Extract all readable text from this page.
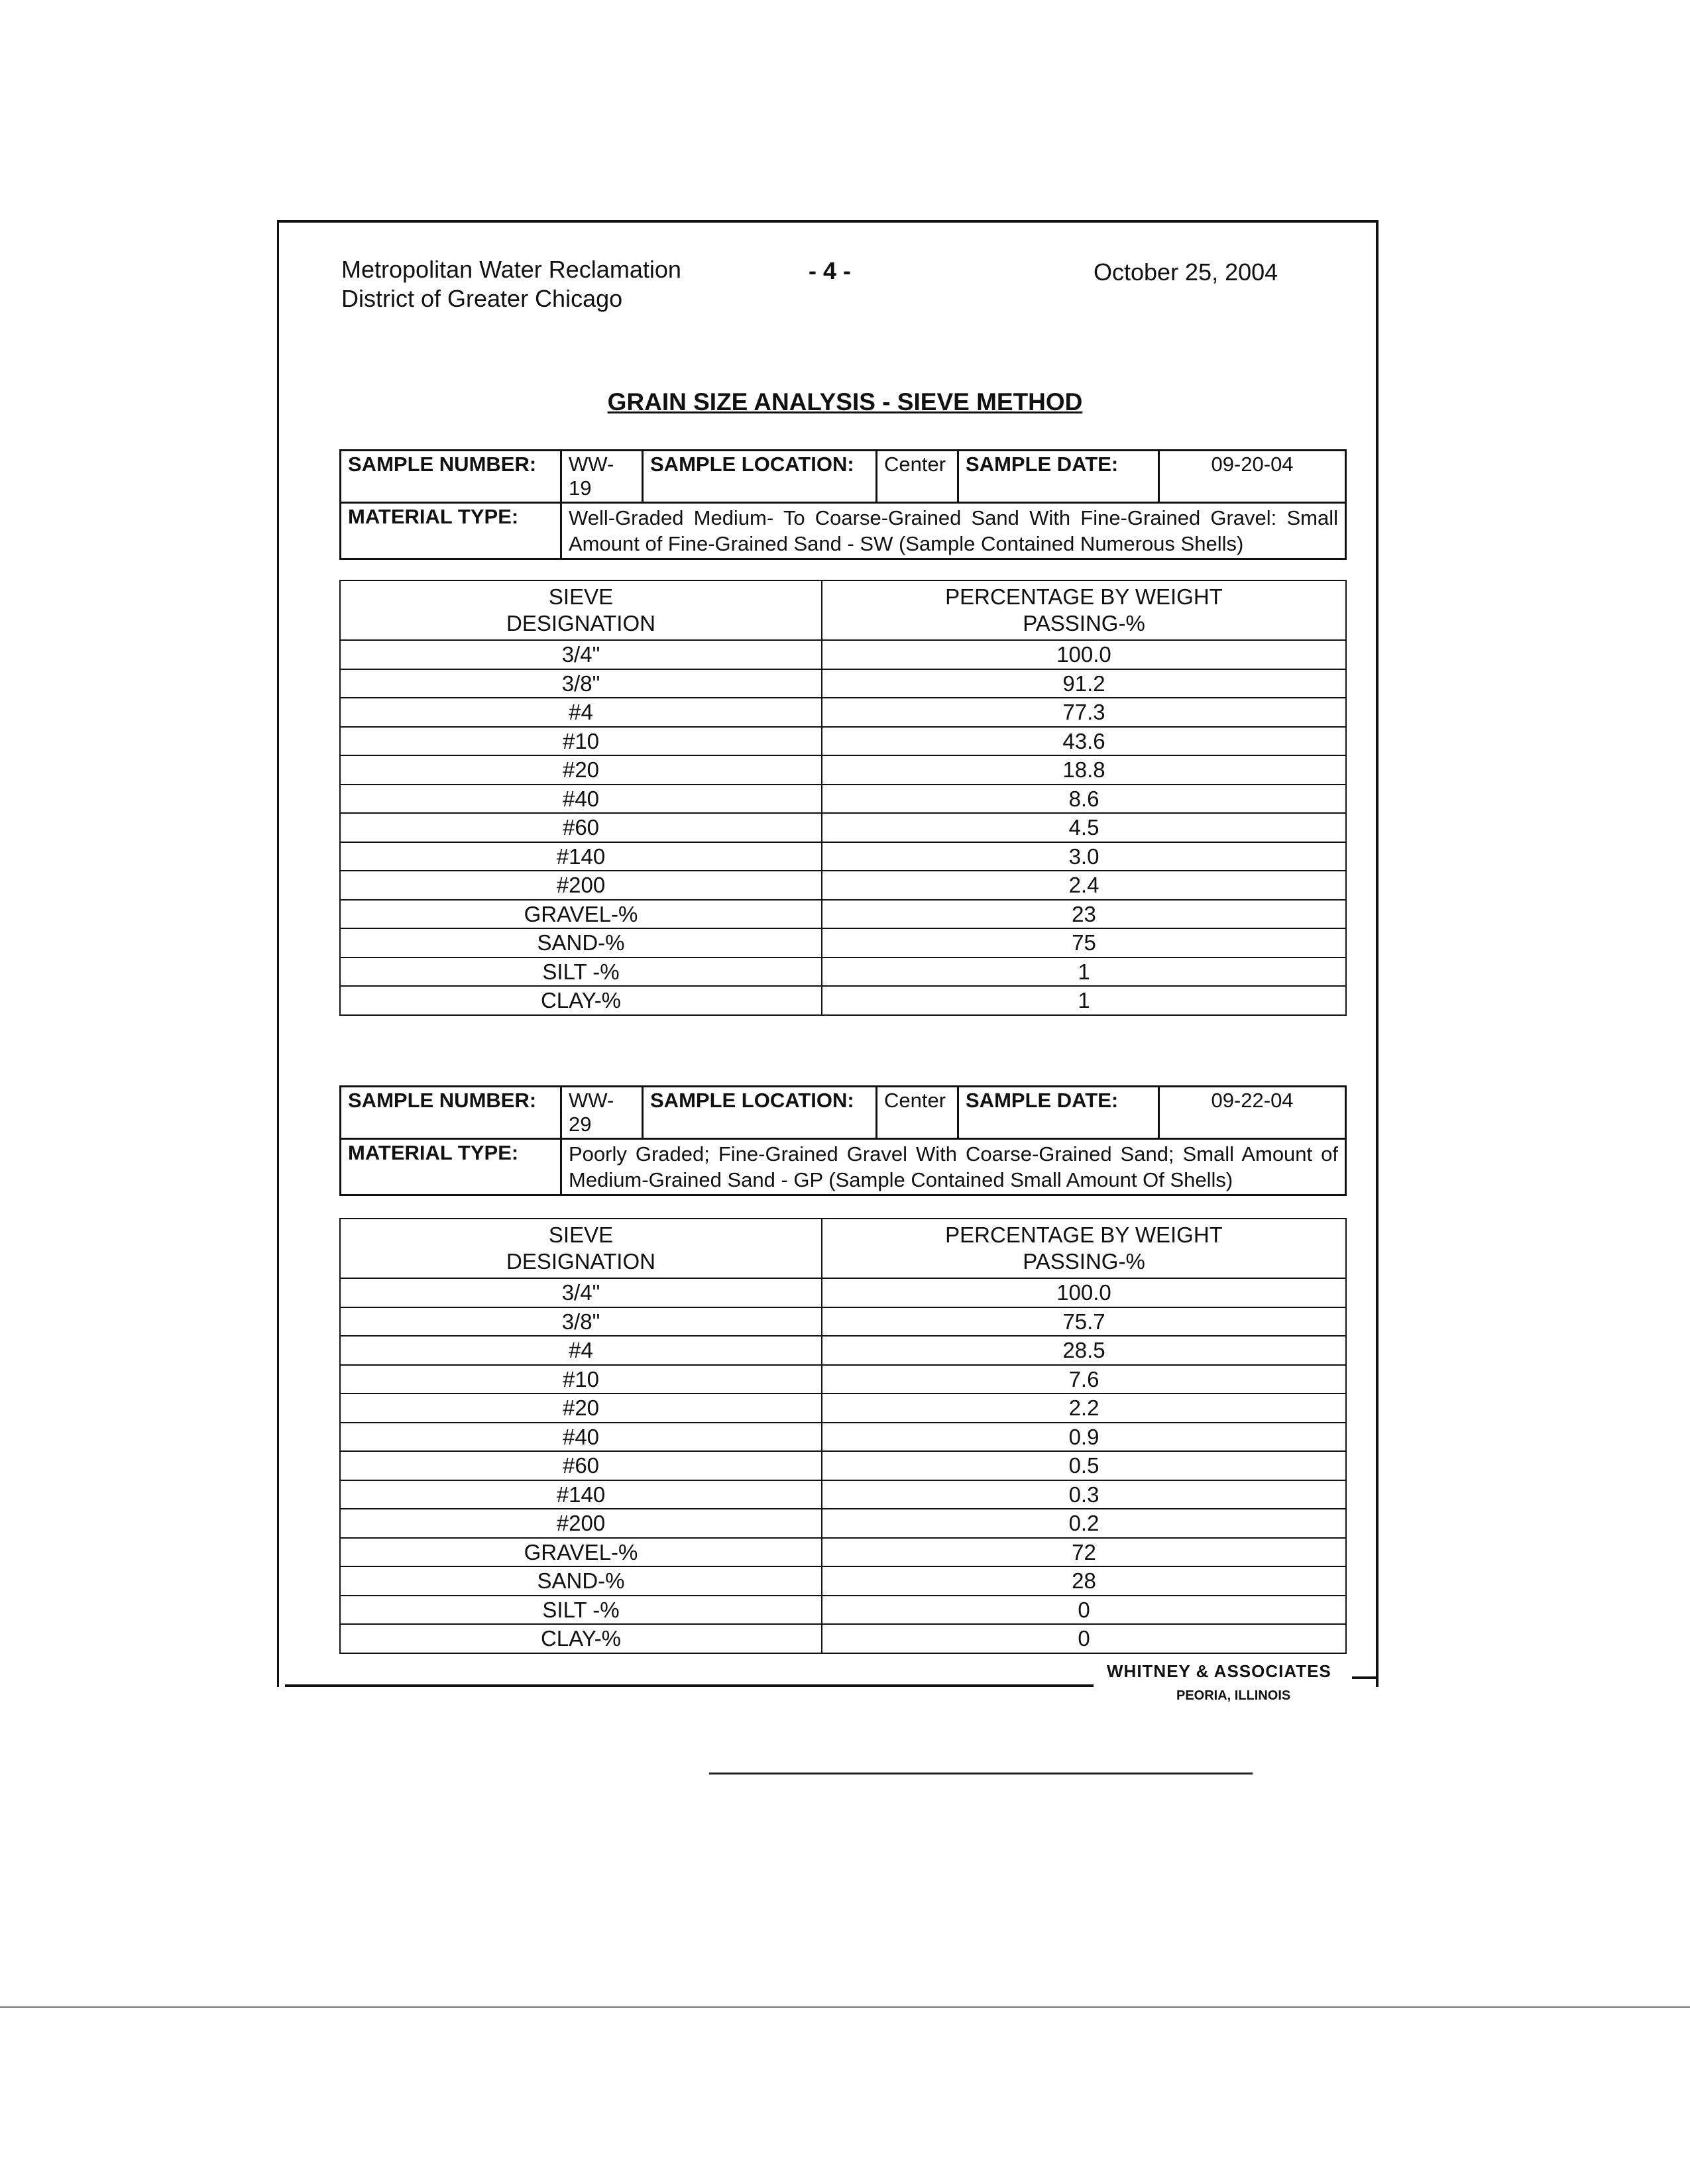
Metropolitan Water Reclamation
District of Greater Chicago
- 4 -	October 25, 2004
GRAIN SIZE ANALYSIS - SIEVE METHOD
SAMPLE NUMBER:	WW-19	SAMPLE LOCATION:	Center	SAMPLE DATE:	09-20-04
MATERIAL TYPE:	Well-Graded Medium- To Coarse-Grained Sand With Fine-Grained Gravel: Small Amount of Fine-Grained Sand - SW (Sample Contained Numerous Shells)				
SIEVE
DESIGNATION	PERCENTAGE BY WEIGHT
PASSING-%
3/4"	100.0
3/8"	91.2
#4	77.3
#10	43.6
#20	18.8
#40	8.6
#60	4.5
#140	3.0
#200	2.4
GRAVEL-%	23
SAND-%	75
SILT -%	1
CLAY-%	1
SAMPLE NUMBER:	WW-29	SAMPLE LOCATION:	Center	SAMPLE DATE:	09-22-04
MATERIAL TYPE:	Poorly Graded; Fine-Grained Gravel With Coarse-Grained Sand; Small Amount of Medium-Grained Sand - GP (Sample Contained Small Amount Of Shells)				
SIEVE
DESIGNATION	PERCENTAGE BY WEIGHT
PASSING-%
3/4"	100.0
3/8"	75.7
#4	28.5
#10	7.6
#20	2.2
#40	0.9
#60	0.5
#140	0.3
#200	0.2
GRAVEL-%	72
SAND-%	28
SILT -%	0
CLAY-%	0
WHITNEY & ASSOCIATES
PEORIA, ILLINOIS
